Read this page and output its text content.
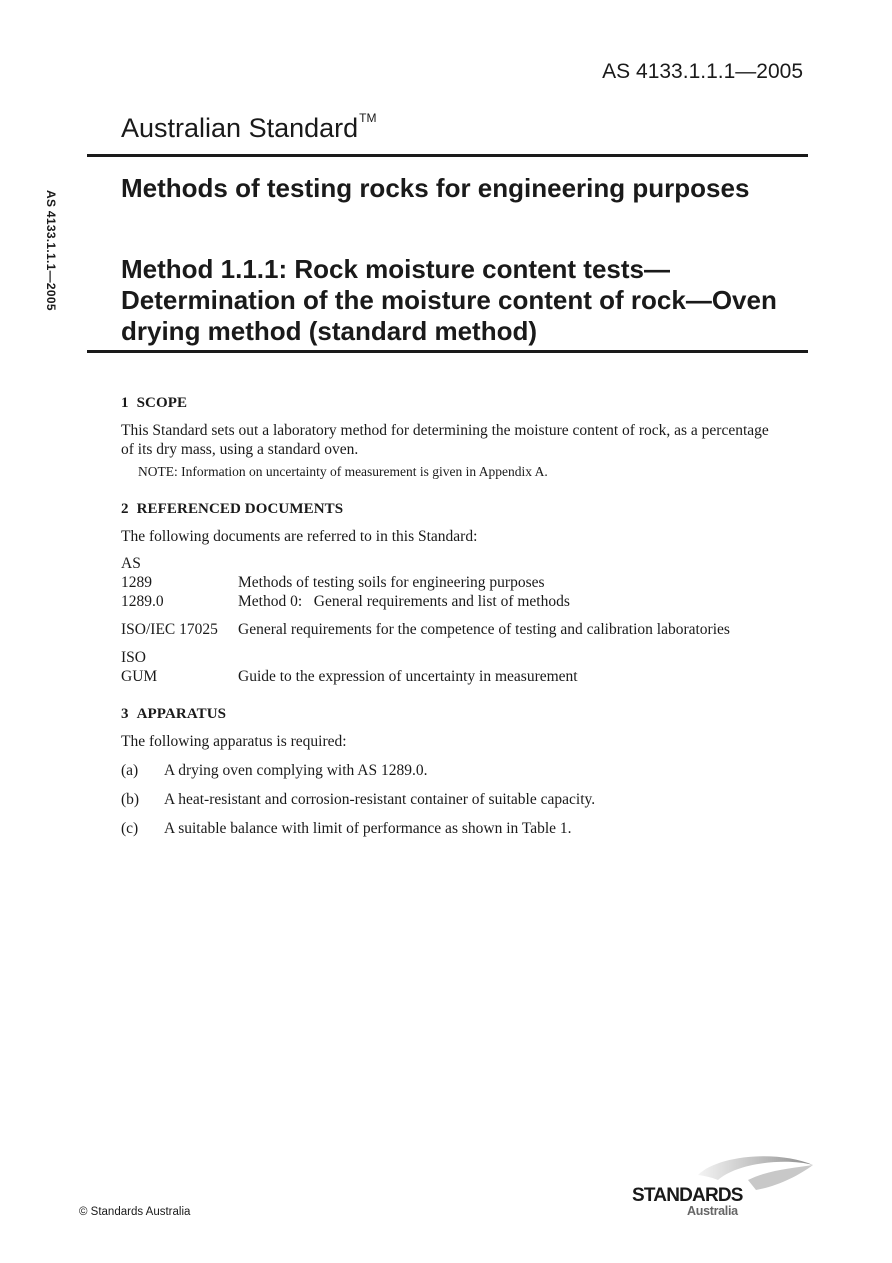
AS 4133.1.1.1—2005
AS 4133.1.1.1—2005
Australian Standard™
Methods of testing rocks for engineering purposes
Method 1.1.1: Rock moisture content tests—Determination of the moisture content of rock—Oven drying method (standard method)
1 SCOPE

This Standard sets out a laboratory method for determining the moisture content of rock, as a percentage of its dry mass, using a standard oven.

NOTE: Information on uncertainty of measurement is given in Appendix A.

2 REFERENCED DOCUMENTS

The following documents are referred to in this Standard:

AS

1289	Methods of testing soils for engineering purposes
1289.0	Method 0:   General requirements and list of methods
ISO/IEC 17025	General requirements for the competence of testing and calibration laboratories

ISO

GUM	Guide to the expression of uncertainty in measurement
3 APPARATUS

The following apparatus is required:

(a)	A drying oven complying with AS 1289.0.
(b)	A heat-resistant and corrosion-resistant container of suitable capacity.
(c)	A suitable balance with limit of performance as shown in Table 1.
© Standards Australia
STANDARDS
Australia
